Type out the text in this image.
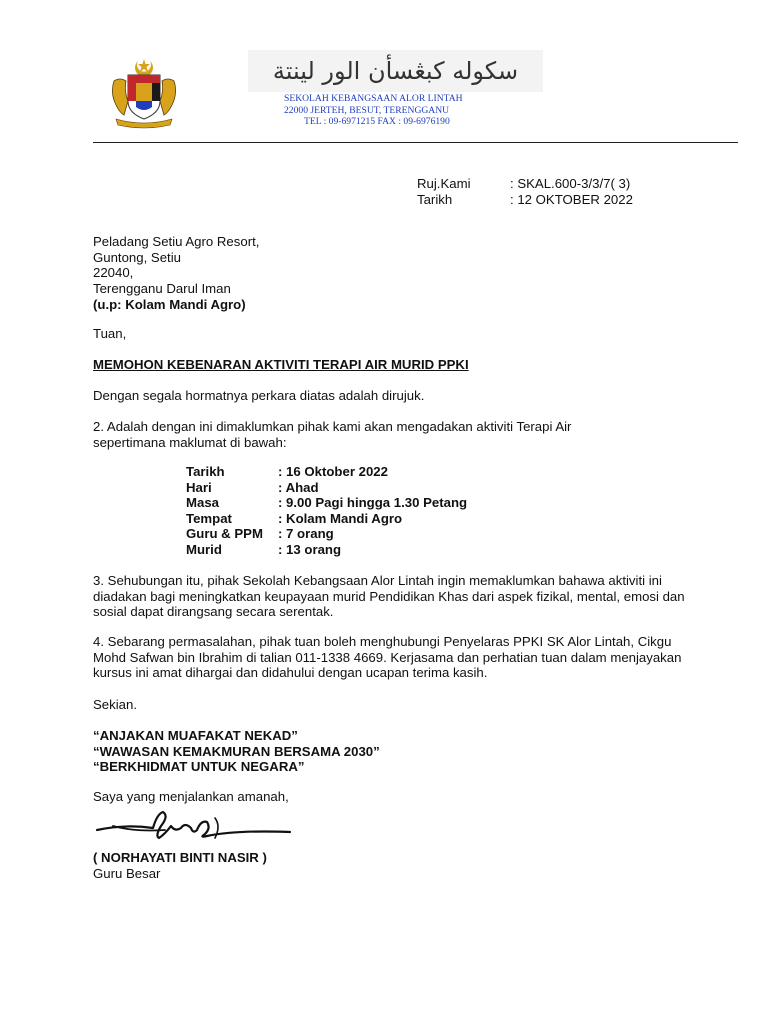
سكوله كبڠسأن الور لينتة
SEKOLAH KEBANGSAAN ALOR LINTAH
22000 JERTEH, BESUT, TERENGGANU
TEL : 09-6971215 FAX : 09-6976190
Ruj.Kami	: SKAL.600-3/3/7( 3)
Tarikh	: 12 OKTOBER 2022
Peladang Setiu Agro Resort,
Guntong, Setiu
22040,
Terengganu Darul Iman
(u.p: Kolam Mandi Agro)
Tuan,
MEMOHON KEBENARAN AKTIVITI TERAPI AIR MURID PPKI
Dengan segala hormatnya perkara diatas adalah dirujuk.
2. Adalah dengan ini dimaklumkan pihak kami akan mengadakan aktiviti Terapi Air sepertimana maklumat di bawah:
Tarikh	: 16 Oktober 2022
Hari	: Ahad
Masa	: 9.00 Pagi hingga 1.30 Petang
Tempat	: Kolam Mandi Agro
Guru & PPM	: 7 orang
Murid	: 13 orang
3. Sehubungan itu, pihak Sekolah Kebangsaan Alor Lintah ingin memaklumkan bahawa aktiviti ini diadakan bagi meningkatkan keupayaan murid Pendidikan Khas dari aspek fizikal, mental, emosi dan sosial dapat dirangsang secara serentak.
4. Sebarang permasalahan, pihak tuan boleh menghubungi Penyelaras PPKI SK Alor Lintah, Cikgu Mohd Safwan bin Ibrahim di talian 011-1338 4669. Kerjasama dan perhatian tuan dalam menjayakan kursus ini amat dihargai dan didahului dengan ucapan terima kasih.
Sekian.
“ANJAKAN MUAFAKAT NEKAD”
“WAWASAN KEMAKMURAN BERSAMA 2030”
“BERKHIDMAT UNTUK NEGARA”
Saya yang menjalankan amanah,
( NORHAYATI BINTI NASIR )
Guru Besar
